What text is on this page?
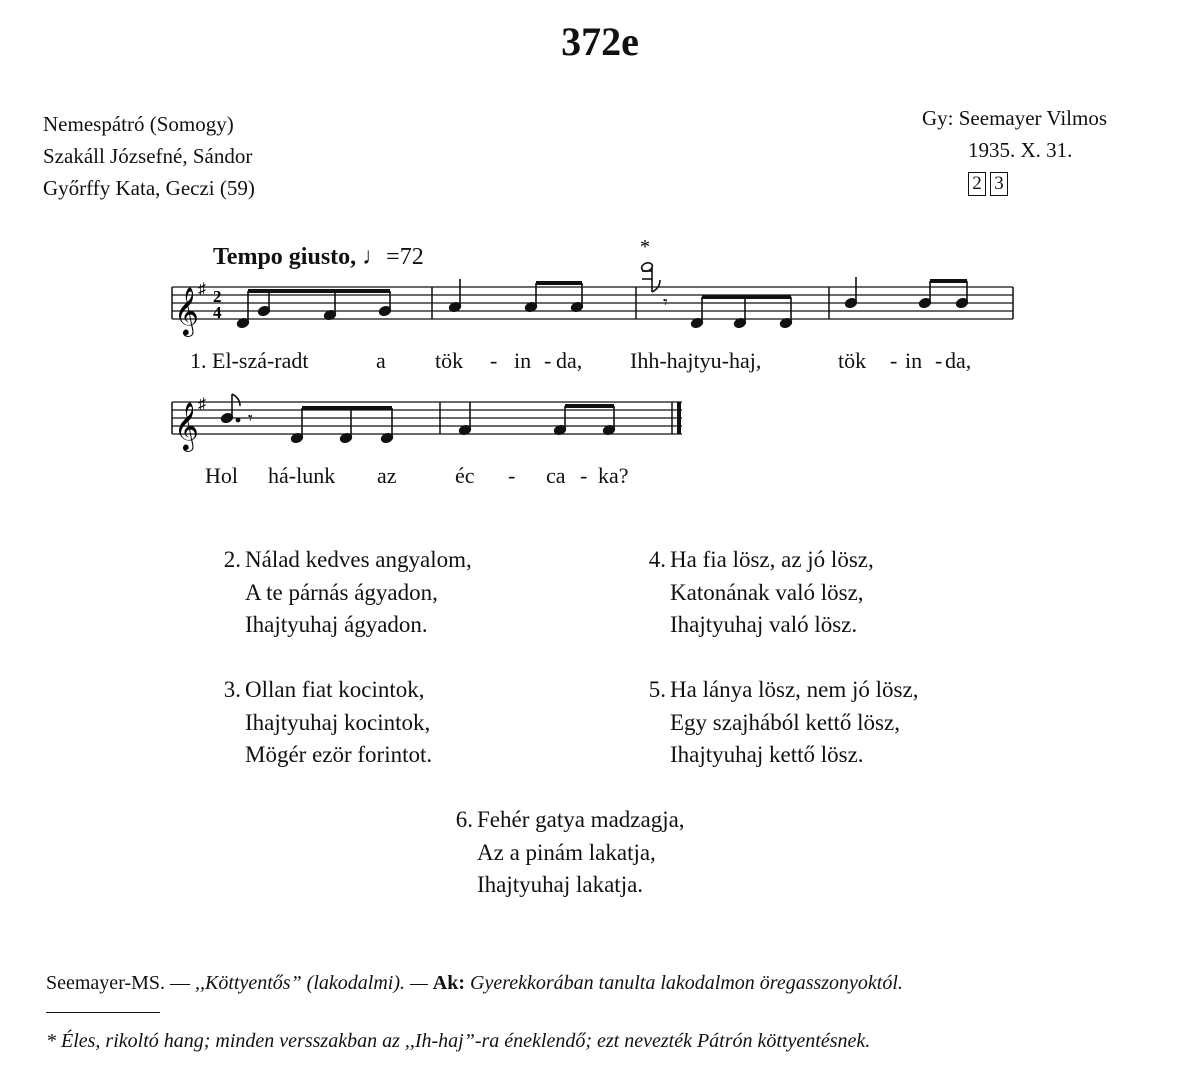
372e
Nemespátró (Somogy)
Szakáll Józsefné, Sándor
Győrffy Kata, Geczi (59)
Gy: Seemayer Vilmos
1935. X. 31.
2 3
Tempo giusto, ♩=72
𝄞
𝄞
♯
♯
2
4
𝄾
*
𝄾
1. El-szá-radt	a tök - in - da, Ihh-hajtyu-haj,	tök - in - da,
Hol há-lunk az	éc - ca - ka?
2. Nálad kedves angyalom,
A te párnás ágyadon,
Ihajtyuhaj ágyadon.
3. Ollan fiat kocintok,
Ihajtyuhaj kocintok,
Mögér ezör forintot.
4. Ha fia lösz, az jó lösz,
Katonának való lösz,
Ihajtyuhaj való lösz.
5. Ha lánya lösz, nem jó lösz,
Egy szajhából kettő lösz,
Ihajtyuhaj kettő lösz.
6. Fehér gatya madzagja,
Az a pinám lakatja,
Ihajtyuhaj lakatja.
Seemayer-MS. — ,,Köttyentős” (lakodalmi). — Ak: Gyerekkorában tanulta lakodalmon öregasszonyoktól.
* Éles, rikoltó hang; minden versszakban az ,,Ih-haj”-ra éneklendő; ezt nevezték Pátrón köttyentésnek.
